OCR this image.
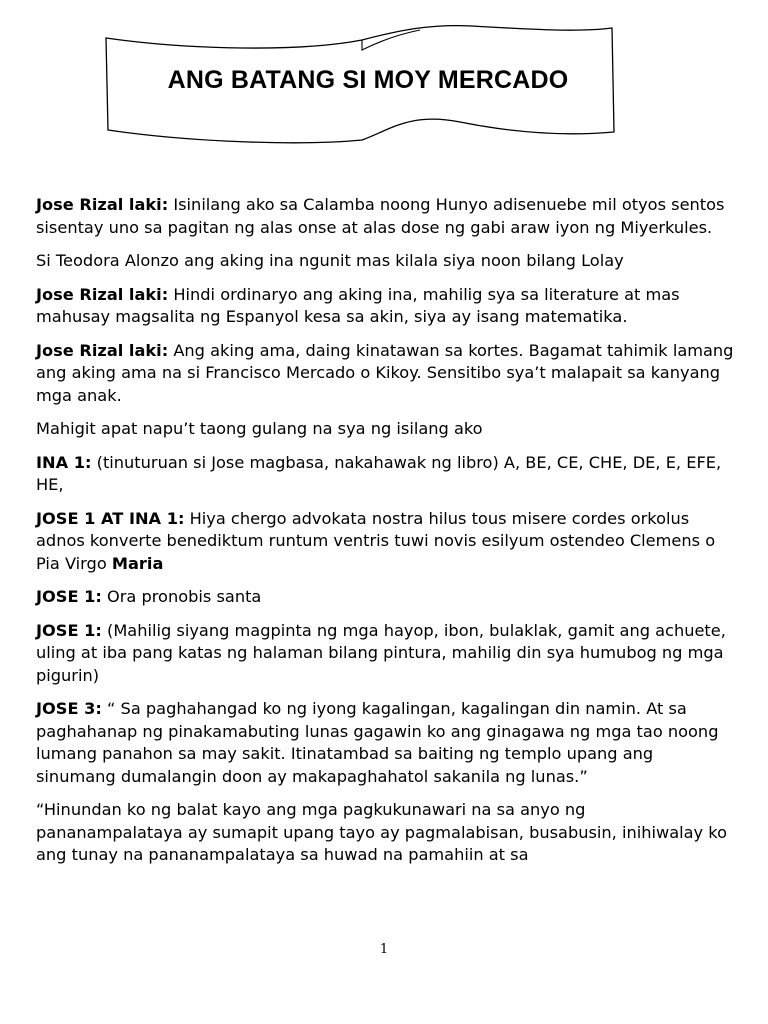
ANG BATANG SI MOY MERCADO

Jose Rizal laki: Isinilang ako sa Calamba noong Hunyo adisenuebe mil otyos sentos sisentay uno sa pagitan ng alas onse at alas dose ng gabi araw iyon ng Miyerkules.

Si Teodora Alonzo ang aking ina ngunit mas kilala siya noon bilang Lolay

Jose Rizal laki: Hindi ordinaryo ang aking ina, mahilig sya sa literature at mas mahusay magsalita ng Espanyol kesa sa akin, siya ay isang matematika.

Jose Rizal laki: Ang aking ama, daing kinatawan sa kortes. Bagamat tahimik lamang ang aking ama na si Francisco Mercado o Kikoy. Sensitibo sya’t malapait sa kanyang mga anak.

Mahigit apat napu’t taong gulang na sya ng isilang ako

INA 1: (tinuturuan si Jose magbasa, nakahawak ng libro) A, BE, CE, CHE, DE, E, EFE, HE,

JOSE 1 AT INA 1: Hiya chergo advokata nostra hilus tous misere cordes orkolus adnos konverte benediktum runtum ventris tuwi novis esilyum ostendeo Clemens o Pia Virgo Maria

JOSE 1: Ora pronobis santa

JOSE 1: (Mahilig siyang magpinta ng mga hayop, ibon, bulaklak, gamit ang achuete, uling at iba pang katas ng halaman bilang pintura, mahilig din sya humubog ng mga pigurin)

JOSE 3: “ Sa paghahangad ko ng iyong kagalingan, kagalingan din namin. At sa paghahanap ng pinakamabuting lunas gagawin ko ang ginagawa ng mga tao noong lumang panahon sa may sakit. Itinatambad sa baiting ng templo upang ang sinumang dumalangin doon ay makapaghahatol sakanila ng lunas.”

“Hinundan ko ng balat kayo ang mga pagkukunawari na sa anyo ng pananampalataya ay sumapit upang tayo ay pagmalabisan, busabusin, inihiwalay ko ang tunay na pananampalataya sa huwad na pamahiin at sa

1
